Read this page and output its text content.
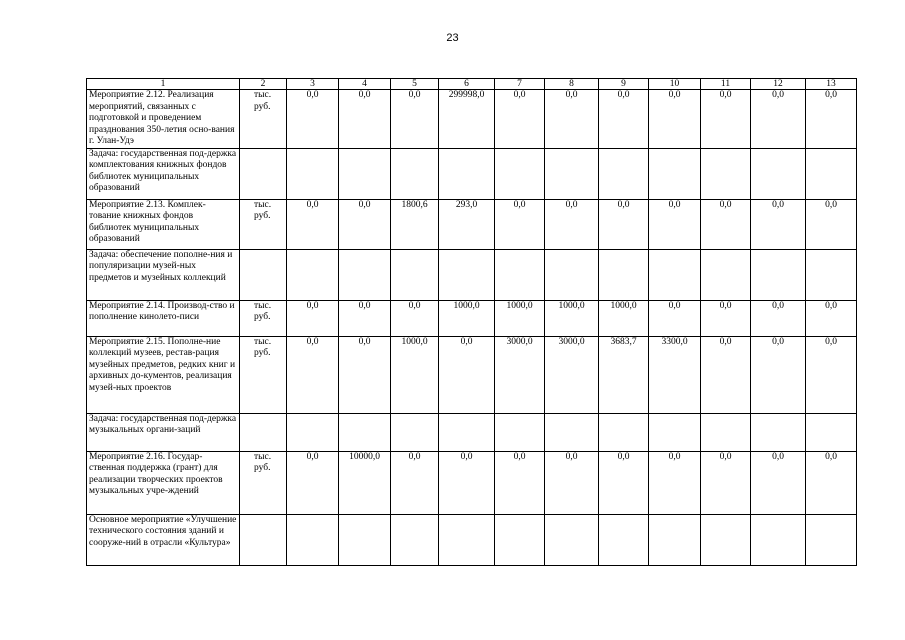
23
1	2	3	4	5	6	7	8	9	10	11	12	13
Мероприятие 2.12. Реализация мероприятий, связанных с подготовкой и проведением празднования 350-летия осно-вания г. Улан-Удэ	тыс. руб.	0,0	0,0	0,0	299998,0	0,0	0,0	0,0	0,0	0,0	0,0	0,0
Задача: государственная под-держка комплектования книжных фондов библиотек муниципальных образований												
Мероприятие 2.13. Комплек-тование книжных фондов библиотек муниципальных образований	тыс. руб.	0,0	0,0	1800,6	293,0	0,0	0,0	0,0	0,0	0,0	0,0	0,0
Задача: обеспечение пополне-ния и популяризации музей-ных предметов и музейных коллекций												
Мероприятие 2.14. Производ-ство и пополнение кинолето-писи	тыс. руб.	0,0	0,0	0,0	1000,0	1000,0	1000,0	1000,0	0,0	0,0	0,0	0,0
Мероприятие 2.15. Пополне-ние коллекций музеев, рестав-рация музейных предметов, редких книг и архивных до-кументов, реализация музей-ных проектов	тыс. руб.	0,0	0,0	1000,0	0,0	3000,0	3000,0	3683,7	3300,0	0,0	0,0	0,0
Задача: государственная под-держка музыкальных органи-заций												
Мероприятие 2.16. Государ-ственная поддержка (грант) для реализации творческих проектов музыкальных учре-ждений	тыс. руб.	0,0	10000,0	0,0	0,0	0,0	0,0	0,0	0,0	0,0	0,0	0,0
Основное мероприятие «Улучшение технического состояния зданий и сооруже-ний в отрасли «Культура»												
